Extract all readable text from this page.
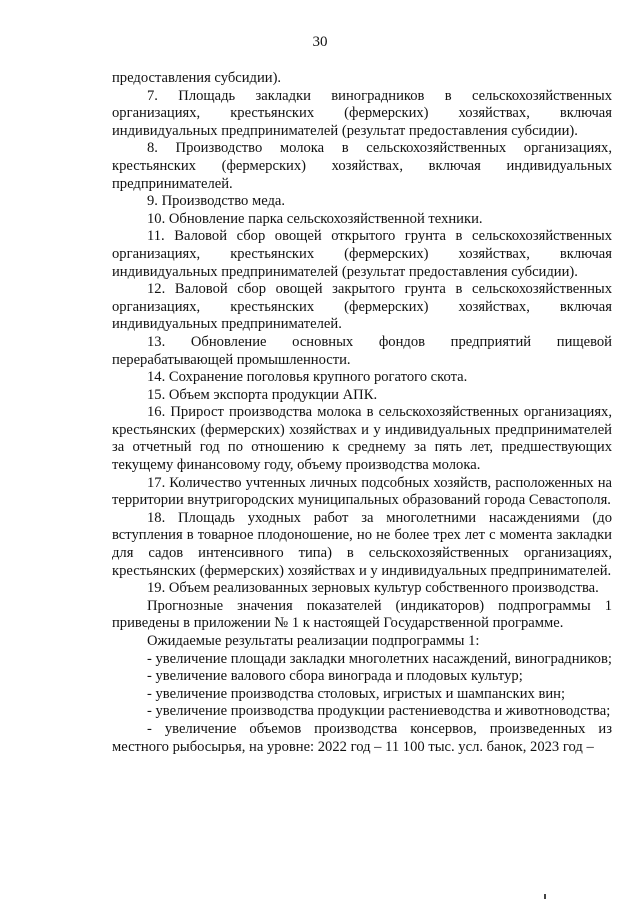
30

предоставления субсидии).

7. Площадь закладки виноградников в сельскохозяйственных организациях, крестьянских (фермерских) хозяйствах, включая индивидуальных предпринимателей (результат предоставления субсидии).

8. Производство молока в сельскохозяйственных организациях, крестьянских (фермерских) хозяйствах, включая индивидуальных предпринимателей.

9. Производство меда.

10. Обновление парка сельскохозяйственной техники.

11. Валовой сбор овощей открытого грунта в сельскохозяйственных организациях, крестьянских (фермерских) хозяйствах, включая индивидуальных предпринимателей (результат предоставления субсидии).

12. Валовой сбор овощей закрытого грунта в сельскохозяйственных организациях, крестьянских (фермерских) хозяйствах, включая индивидуальных предпринимателей.

13. Обновление основных фондов предприятий пищевой перерабатывающей промышленности.

14. Сохранение поголовья крупного рогатого скота.

15. Объем экспорта продукции АПК.

16. Прирост производства молока в сельскохозяйственных организациях, крестьянских (фермерских) хозяйствах и у индивидуальных предпринимателей за отчетный год по отношению к среднему за пять лет, предшествующих текущему финансовому году, объему производства молока.

17. Количество учтенных личных подсобных хозяйств, расположенных на территории внутригородских муниципальных образований города Севастополя.

18. Площадь уходных работ за многолетними насаждениями (до вступления в товарное плодоношение, но не более трех лет с момента закладки для садов интенсивного типа) в сельскохозяйственных организациях, крестьянских (фермерских) хозяйствах и у индивидуальных предпринимателей.

19. Объем реализованных зерновых культур собственного производства.

Прогнозные значения показателей (индикаторов) подпрограммы 1 приведены в приложении № 1 к настоящей Государственной программе.

Ожидаемые результаты реализации подпрограммы 1:

- увеличение площади закладки многолетних насаждений, виноградников;

- увеличение валового сбора винограда и плодовых культур;

- увеличение производства столовых, игристых и шампанских вин;

- увеличение производства продукции растениеводства и животноводства;

- увеличение объемов производства консервов, произведенных из местного рыбосырья, на уровне: 2022 год – 11 100 тыс. усл. банок, 2023 год –
